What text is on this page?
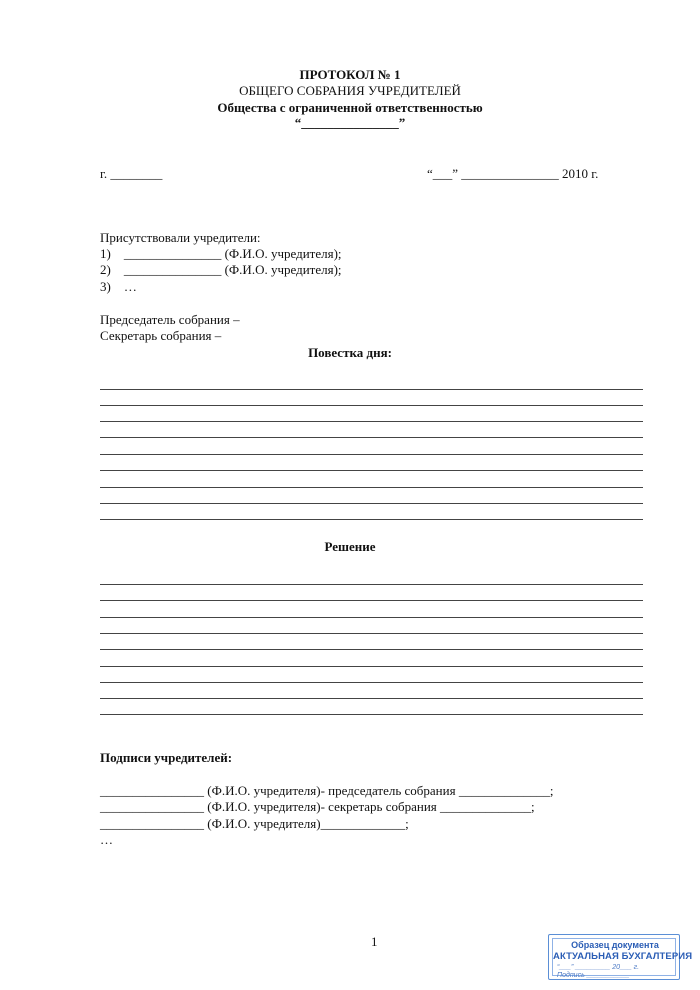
ПРОТОКОЛ № 1
ОБЩЕГО СОБРАНИЯ УЧРЕДИТЕЛЕЙ
Общества с ограниченной ответственностью
“_______________”
г. ________	“___” _______________ 2010 г.
Присутствовали учредители:
1)    _______________ (Ф.И.О. учредителя);
2)    _______________ (Ф.И.О. учредителя);
3)    …
Председатель собрания –
Секретарь собрания –
Повестка дня:
Решение
Подписи учредителей:
________________ (Ф.И.О. учредителя)- председатель собрания ______________;
________________ (Ф.И.О. учредителя)- секретарь собрания ______________;
________________ (Ф.И.О. учредителя)_____________;
…
1	Образец документа
АКТУАЛЬНАЯ БУХГАЛТЕРИЯ
“___” _________ 20___ г.
Подпись ___________
